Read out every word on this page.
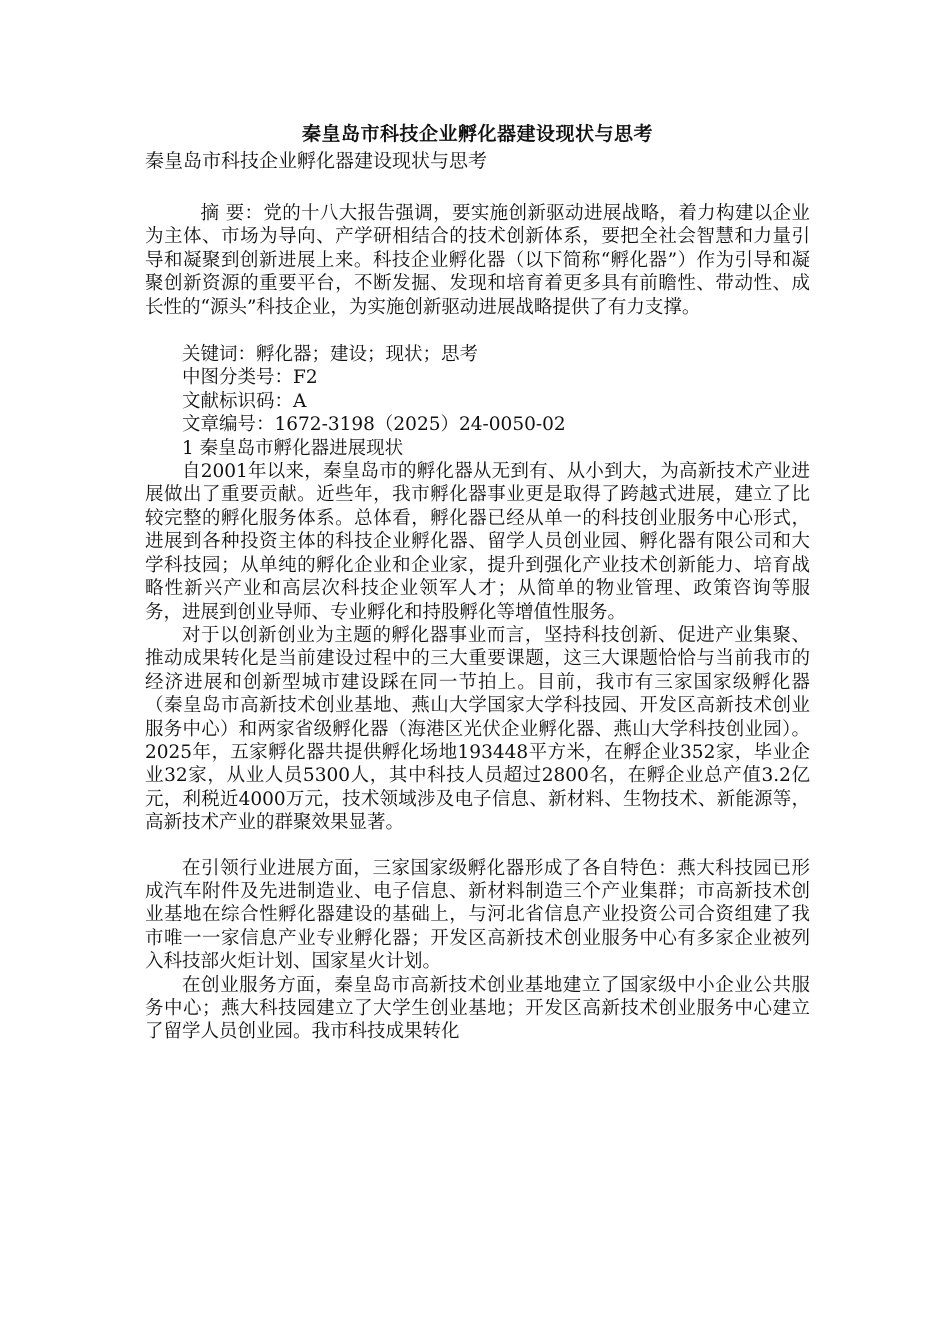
秦皇岛市科技企业孵化器建设现状与思考
秦皇岛市科技企业孵化器建设现状与思考

摘 要：党的十八大报告强调，要实施创新驱动进展战略，着力构建以企业为主体、市场为导向、产学研相结合的技术创新体系，要把全社会智慧和力量引导和凝聚到创新进展上来。科技企业孵化器（以下简称“孵化器”）作为引导和凝聚创新资源的重要平台，不断发掘、发现和培育着更多具有前瞻性、带动性、成长性的“源头”科技企业，为实施创新驱动进展战略提供了有力支撑。

关键词：孵化器；建设；现状；思考
中图分类号：F2
文献标识码：A
文章编号：1672-3198（2025）24-0050-02
1 秦皇岛市孵化器进展现状

自2001年以来，秦皇岛市的孵化器从无到有、从小到大，为高新技术产业进展做出了重要贡献。近些年，我市孵化器事业更是取得了跨越式进展，建立了比较完整的孵化服务体系。总体看，孵化器已经从单一的科技创业服务中心形式，进展到各种投资主体的科技企业孵化器、留学人员创业园、孵化器有限公司和大学科技园；从单纯的孵化企业和企业家，提升到强化产业技术创新能力、培育战略性新兴产业和高层次科技企业领军人才；从简单的物业管理、政策咨询等服务，进展到创业导师、专业孵化和持股孵化等增值性服务。

对于以创新创业为主题的孵化器事业而言，坚持科技创新、促进产业集聚、推动成果转化是当前建设过程中的三大重要课题，这三大课题恰恰与当前我市的经济进展和创新型城市建设踩在同一节拍上。目前，我市有三家国家级孵化器（秦皇岛市高新技术创业基地、燕山大学国家大学科技园、开发区高新技术创业服务中心）和两家省级孵化器（海港区光伏企业孵化器、燕山大学科技创业园）。2025年，五家孵化器共提供孵化场地193448平方米，在孵企业352家，毕业企业32家，从业人员5300人，其中科技人员超过2800名，在孵企业总产值3.2亿元，利税近4000万元，技术领域涉及电子信息、新材料、生物技术、新能源等，高新技术产业的群聚效果显著。

在引领行业进展方面，三家国家级孵化器形成了各自特色：燕大科技园已形成汽车附件及先进制造业、电子信息、新材料制造三个产业集群；市高新技术创业基地在综合性孵化器建设的基础上，与河北省信息产业投资公司合资组建了我市唯一一家信息产业专业孵化器；开发区高新技术创业服务中心有多家企业被列入科技部火炬计划、国家星火计划。

在创业服务方面，秦皇岛市高新技术创业基地建立了国家级中小企业公共服务中心；燕大科技园建立了大学生创业基地；开发区高新技术创业服务中心建立了留学人员创业园。我市科技成果转化
